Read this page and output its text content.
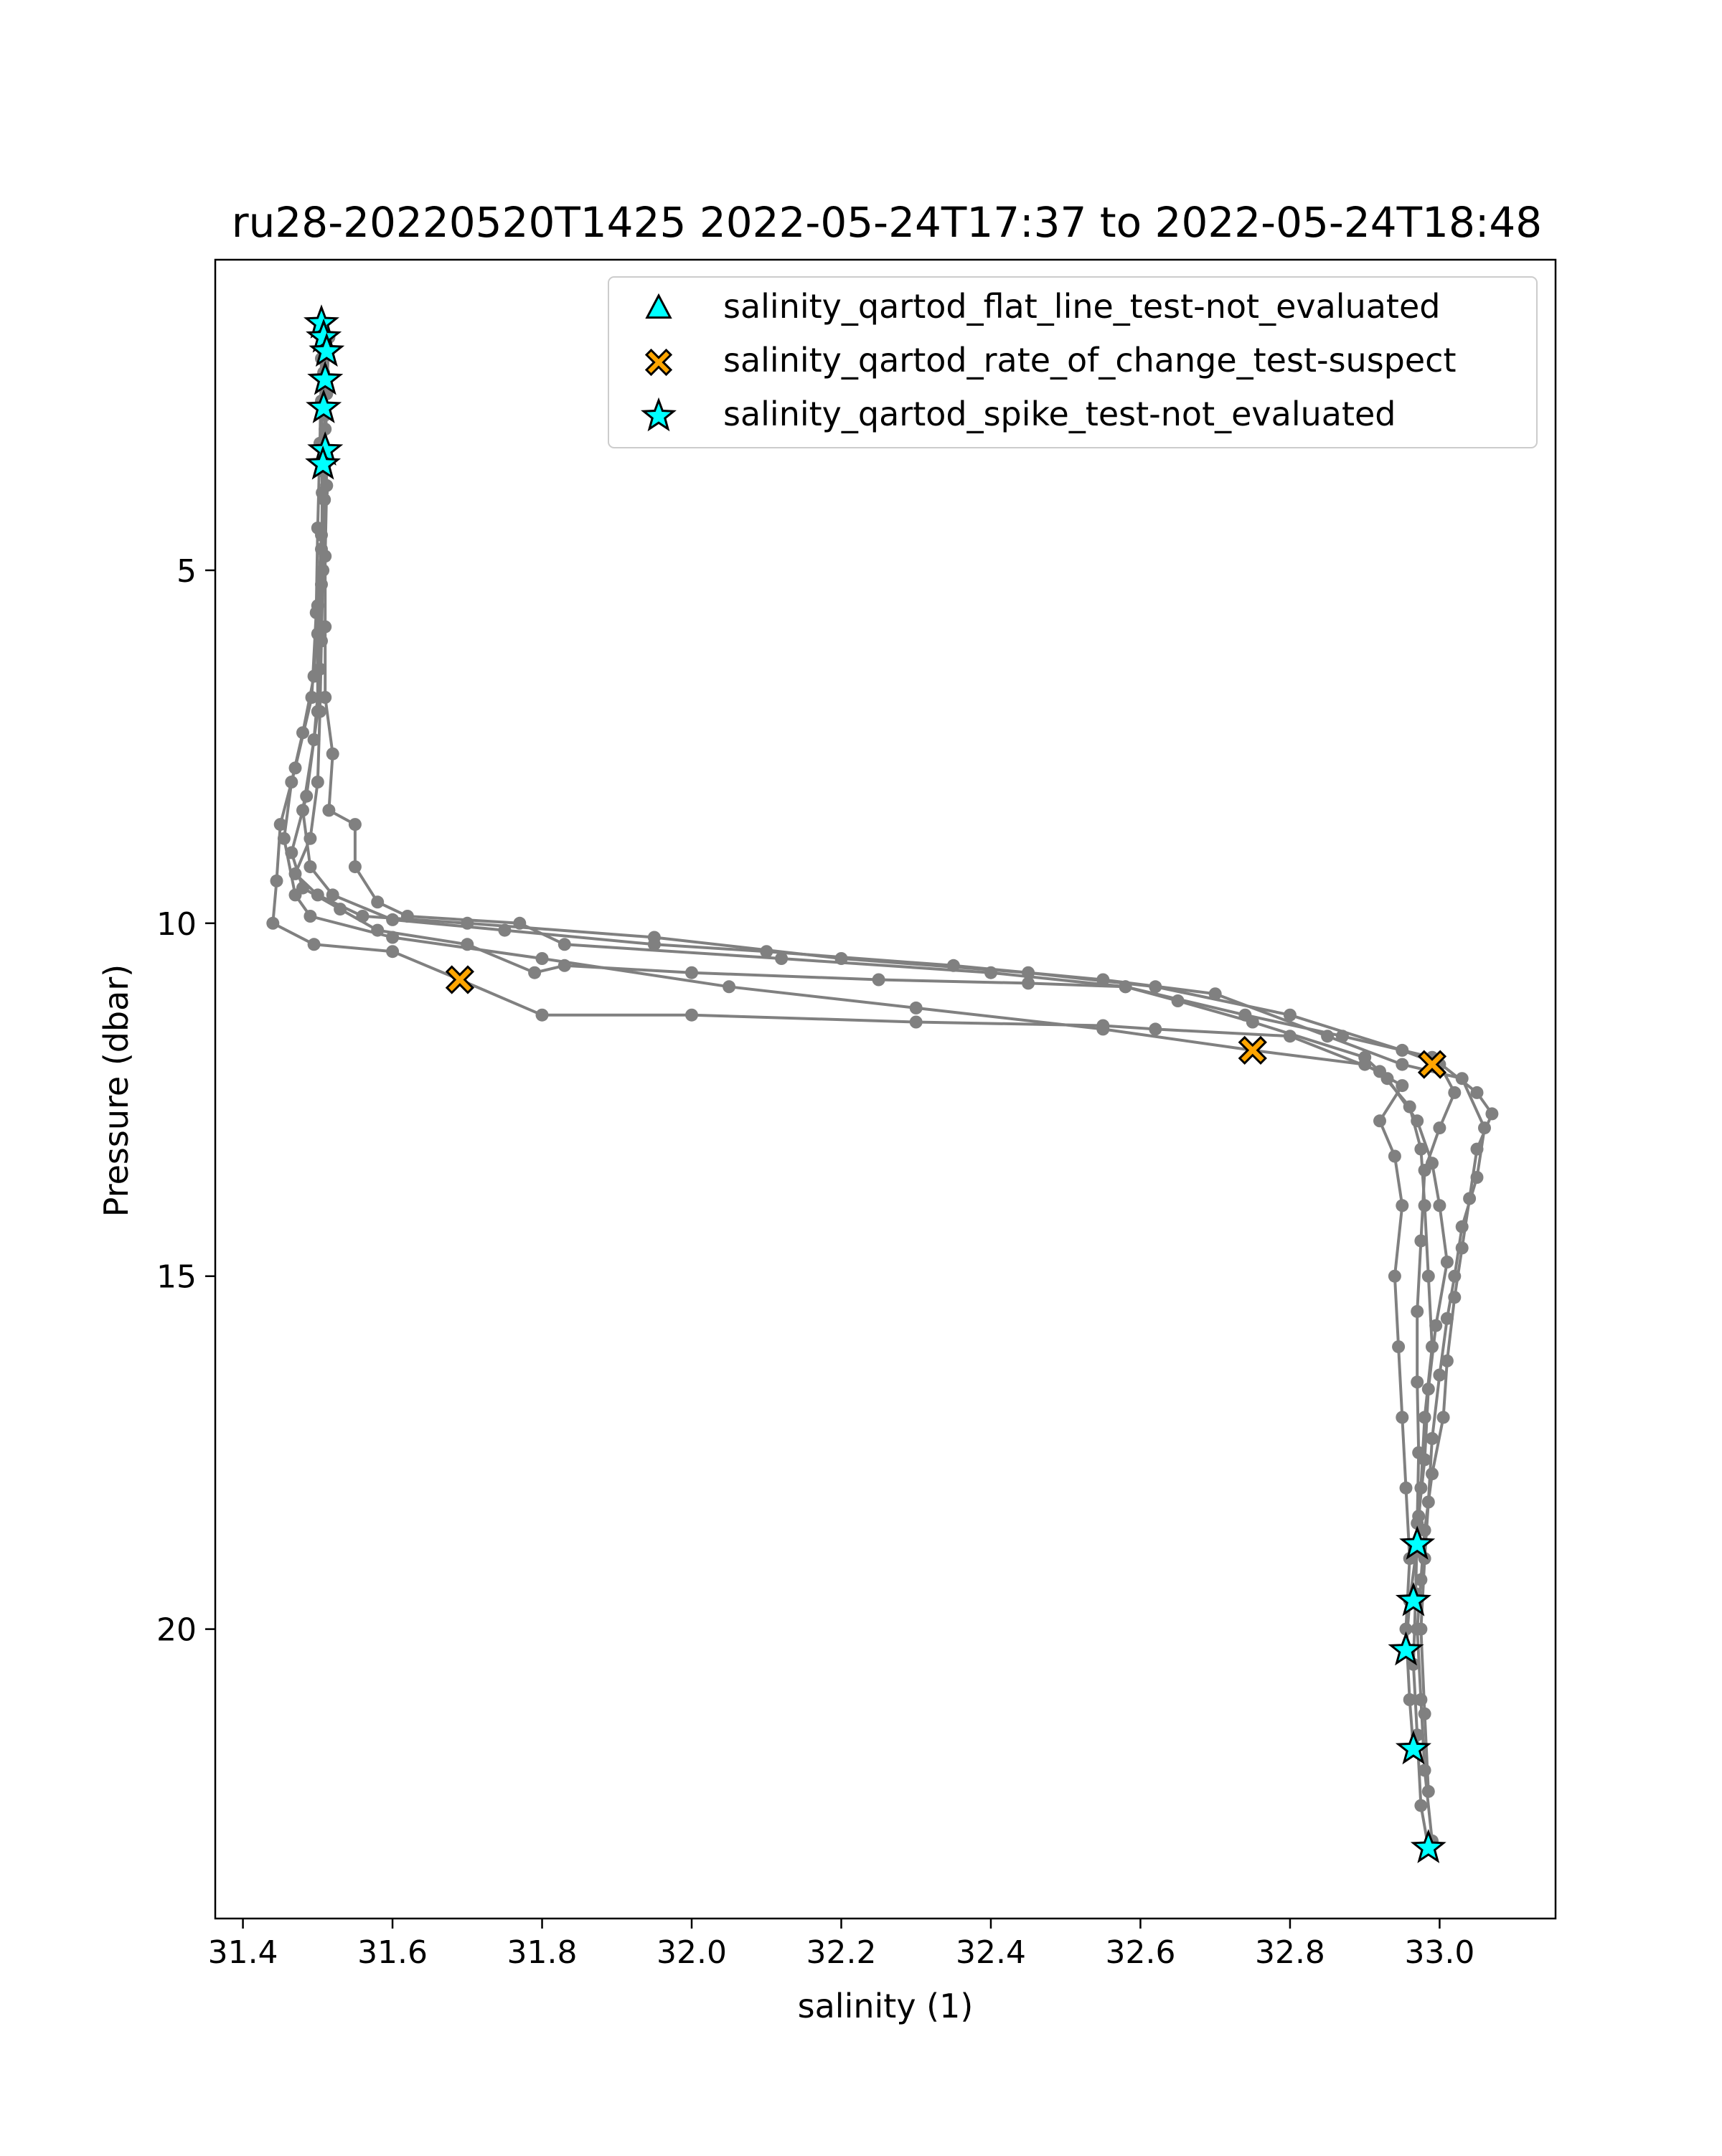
ru28-20220520T1425 2022-05-24T17:37 to 2022-05-24T18:48
31.4	31.6	31.8	32.0	32.2	32.4	32.6	32.8	33.0
5
10
15
20
salinity (1)
Pressure (dbar)
salinity_qartod_flat_line_test-not_evaluated
salinity_qartod_rate_of_change_test-suspect
salinity_qartod_spike_test-not_evaluated
